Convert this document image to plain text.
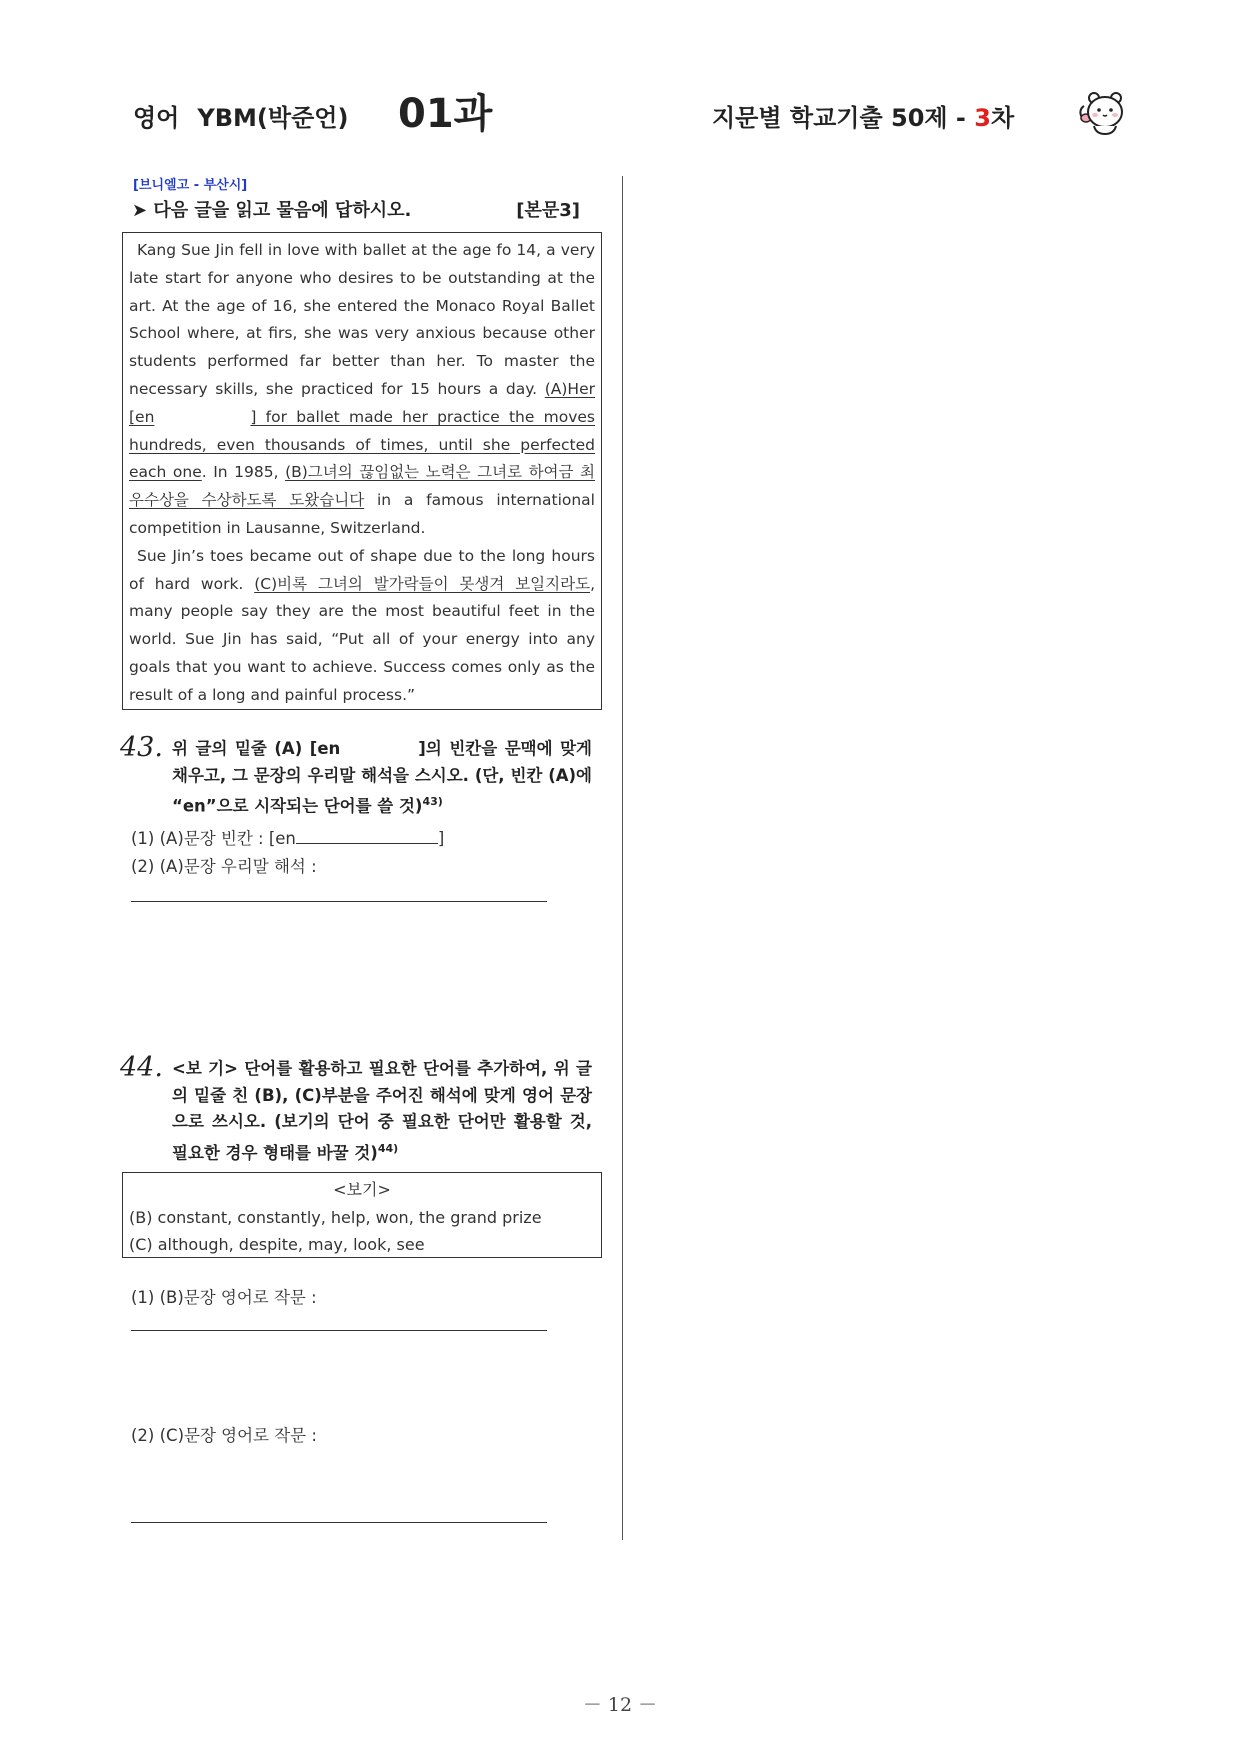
영어 YBM(박준언) 01과	지문별 학교기출 50제 - 3차
[브니엘고 - 부산시]
➤ 다음 글을 읽고 물음에 답하시오.	[본문3]

Kang Sue Jin fell in love with ballet at the age fo 14, a very late start for anyone who desires to be outstanding at the art. At the age of 16, she entered the Monaco Royal Ballet School where, at firs, she was very anxious because other students performed far better than her. To master the necessary skills, she practiced for 15 hours a day. (A)Her [en	] for ballet made her practice the moves hundreds, even thousands of times, until she perfected each one. In 1985, (B)그녀의 끊임없는 노력은 그녀로 하여금 최우수상을 수상하도록 도왔습니다 in a famous international competition in Lausanne, Switzerland.

Sue Jin’s toes became out of shape due to the long hours of hard work. (C)비록 그녀의 발가락들이 못생겨 보일지라도, many people say they are the most beautiful feet in the world. Sue Jin has said, “Put all of your energy into any goals that you want to achieve. Success comes only as the result of a long and painful process.”

43. 위 글의 밑줄 (A) [en	]의 빈칸을 문맥에 맞게 채우고, 그 문장의 우리말 해석을 스시오. (단, 빈칸 (A)에 “en”으로 시작되는 단어를 쓸 것)$^{43)}$
(1) (A)문장 빈칸 : [en	]
(2) (A)문장 우리말 해석 :
44. <보 기> 단어를 활용하고 필요한 단어를 추가하여, 위 글의 밑줄 친 (B), (C)부분을 주어진 해석에 맞게 영어 문장으로 쓰시오. (보기의 단어 중 필요한 단어만 활용할 것, 필요한 경우 형태를 바꿀 것)$^{44)}$
<보기>
(B) constant, constantly, help, won, the grand prize
(C) although, despite, may, look, see
(1) (B)문장 영어로 작문 :
(2) (C)문장 영어로 작문 :
－ 12 －
